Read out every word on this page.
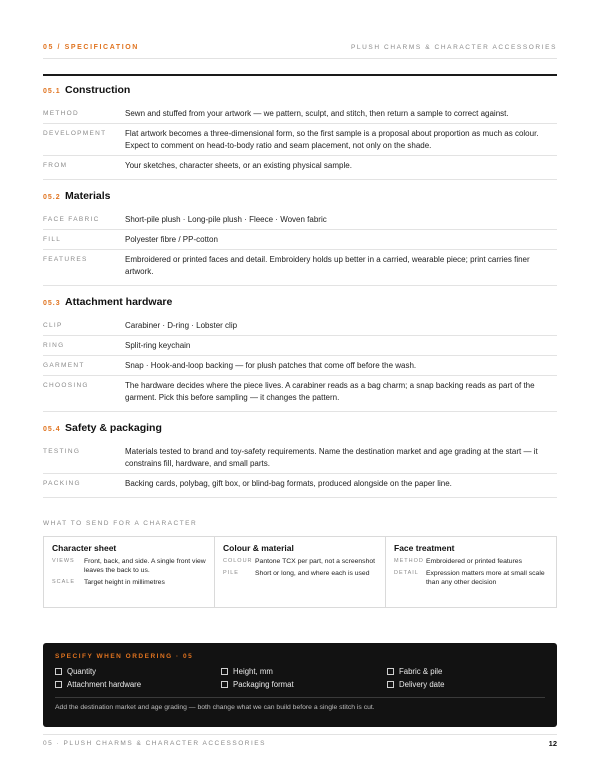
05 / SPECIFICATION	PLUSH CHARMS & CHARACTER ACCESSORIES
05.1 Construction
METHOD	Sewn and stuffed from your artwork — we pattern, sculpt, and stitch, then return a sample to correct against.
DEVELOPMENT	Flat artwork becomes a three-dimensional form, so the first sample is a proposal about proportion as much as colour. Expect to comment on head-to-body ratio and seam placement, not only on the shade.
FROM	Your sketches, character sheets, or an existing physical sample.
05.2 Materials
FACE FABRIC	Short-pile plush · Long-pile plush · Fleece · Woven fabric
FILL	Polyester fibre / PP-cotton
FEATURES	Embroidered or printed faces and detail. Embroidery holds up better in a carried, wearable piece; print carries finer artwork.
05.3 Attachment hardware
CLIP	Carabiner · D-ring · Lobster clip
RING	Split-ring keychain
GARMENT	Snap · Hook-and-loop backing — for plush patches that come off before the wash.
CHOOSING	The hardware decides where the piece lives. A carabiner reads as a bag charm; a snap backing reads as part of the garment. Pick this before sampling — it changes the pattern.
05.4 Safety & packaging
TESTING	Materials tested to brand and toy-safety requirements. Name the destination market and age grading at the start — it constrains fill, hardware, and small parts.
PACKING	Backing cards, polybag, gift box, or blind-bag formats, produced alongside on the paper line.
WHAT TO SEND FOR A CHARACTER
Character sheet
VIEWS	Front, back, and side. A single front view leaves the back to us.
SCALE	Target height in millimetres
Colour & material
COLOUR Pantone TCX per part, not a screenshot
PILE	Short or long, and where each is used
Face treatment
METHOD Embroidered or printed features
DETAIL	Expression matters more at small scale than any other decision
SPECIFY WHEN ORDERING · 05
Quantity	Height, mm	Fabric & pile
Attachment hardware	Packaging format	Delivery date
Add the destination market and age grading — both change what we can build before a single stitch is cut.
05 · PLUSH CHARMS & CHARACTER ACCESSORIES	12
